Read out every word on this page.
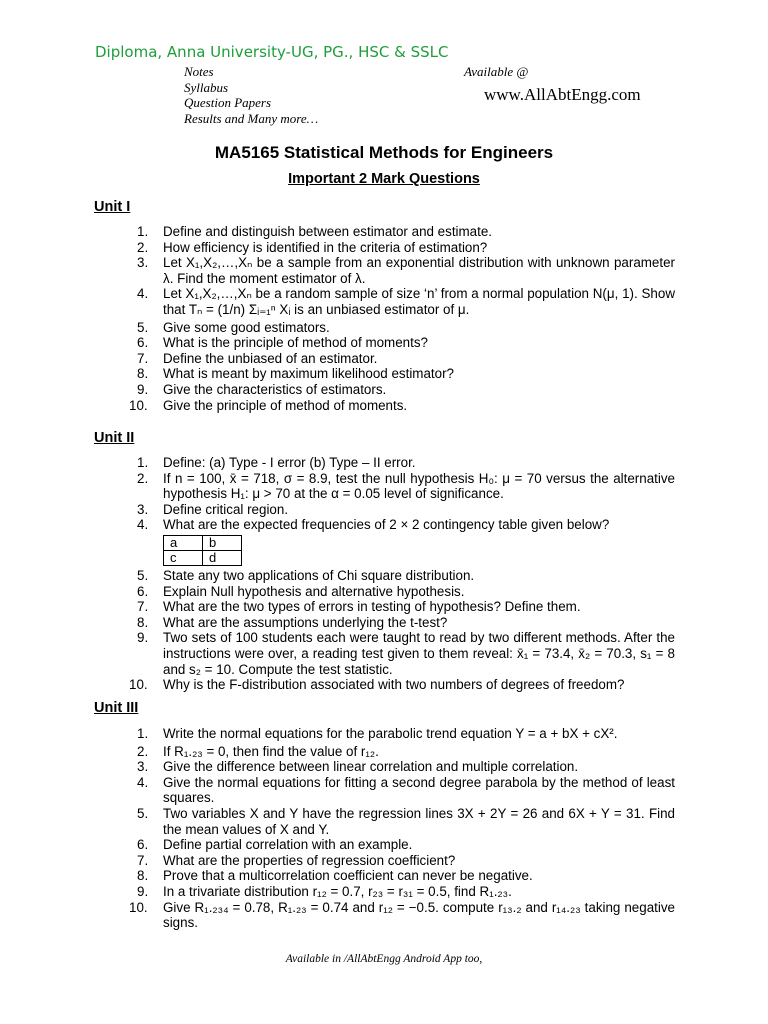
Diploma, Anna University-UG, PG., HSC & SSLC
Notes
Syllabus
Question Papers
Results and Many more…
Available @
www.AllAbtEngg.com
MA5165 Statistical Methods for Engineers
Important 2 Mark Questions
Unit I
1. Define and distinguish between estimator and estimate.
2. How efficiency is identified in the criteria of estimation?
3. Let X₁,X₂,…,Xₙ be a sample from an exponential distribution with unknown parameter λ. Find the moment estimator of λ.
4. Let X₁,X₂,…,Xₙ be a random sample of size ‘n’ from a normal population N(μ, 1). Show that Tₙ = (1/n) Σᵢ₌₁ⁿ Xᵢ is an unbiased estimator of μ.
5. Give some good estimators.
6. What is the principle of method of moments?
7. Define the unbiased of an estimator.
8. What is meant by maximum likelihood estimator?
9. Give the characteristics of estimators.
10. Give the principle of method of moments.
Unit II
1. Define: (a) Type - I error (b) Type – II error.
2. If n = 100, x̄ = 718, σ = 8.9, test the null hypothesis H₀: μ = 70 versus the alternative hypothesis H₁: μ > 70 at the α = 0.05 level of significance.
3. Define critical region.
4. What are the expected frequencies of 2 × 2 contingency table given below?
a	b
c	d
5. State any two applications of Chi square distribution.
6. Explain Null hypothesis and alternative hypothesis.
7. What are the two types of errors in testing of hypothesis? Define them.
8. What are the assumptions underlying the t-test?
9. Two sets of 100 students each were taught to read by two different methods. After the instructions were over, a reading test given to them reveal: x̄₁ = 73.4, x̄₂ = 70.3, s₁ = 8 and s₂ = 10. Compute the test statistic.
10. Why is the F-distribution associated with two numbers of degrees of freedom?
Unit III
1. Write the normal equations for the parabolic trend equation Y = a + bX + cX².
2. If R₁.₂₃ = 0, then find the value of r₁₂.
3. Give the difference between linear correlation and multiple correlation.
4. Give the normal equations for fitting a second degree parabola by the method of least squares.
5. Two variables X and Y have the regression lines 3X + 2Y = 26 and 6X + Y = 31. Find the mean values of X and Y.
6. Define partial correlation with an example.
7. What are the properties of regression coefficient?
8. Prove that a multicorrelation coefficient can never be negative.
9. In a trivariate distribution r₁₂ = 0.7, r₂₃ = r₃₁ = 0.5, find R₁.₂₃.
10. Give R₁.₂₃₄ = 0.78, R₁.₂₃ = 0.74 and r₁₂ = −0.5. compute r₁₃.₂ and r₁₄.₂₃ taking negative signs.
Available in /AllAbtEngg Android App too,
